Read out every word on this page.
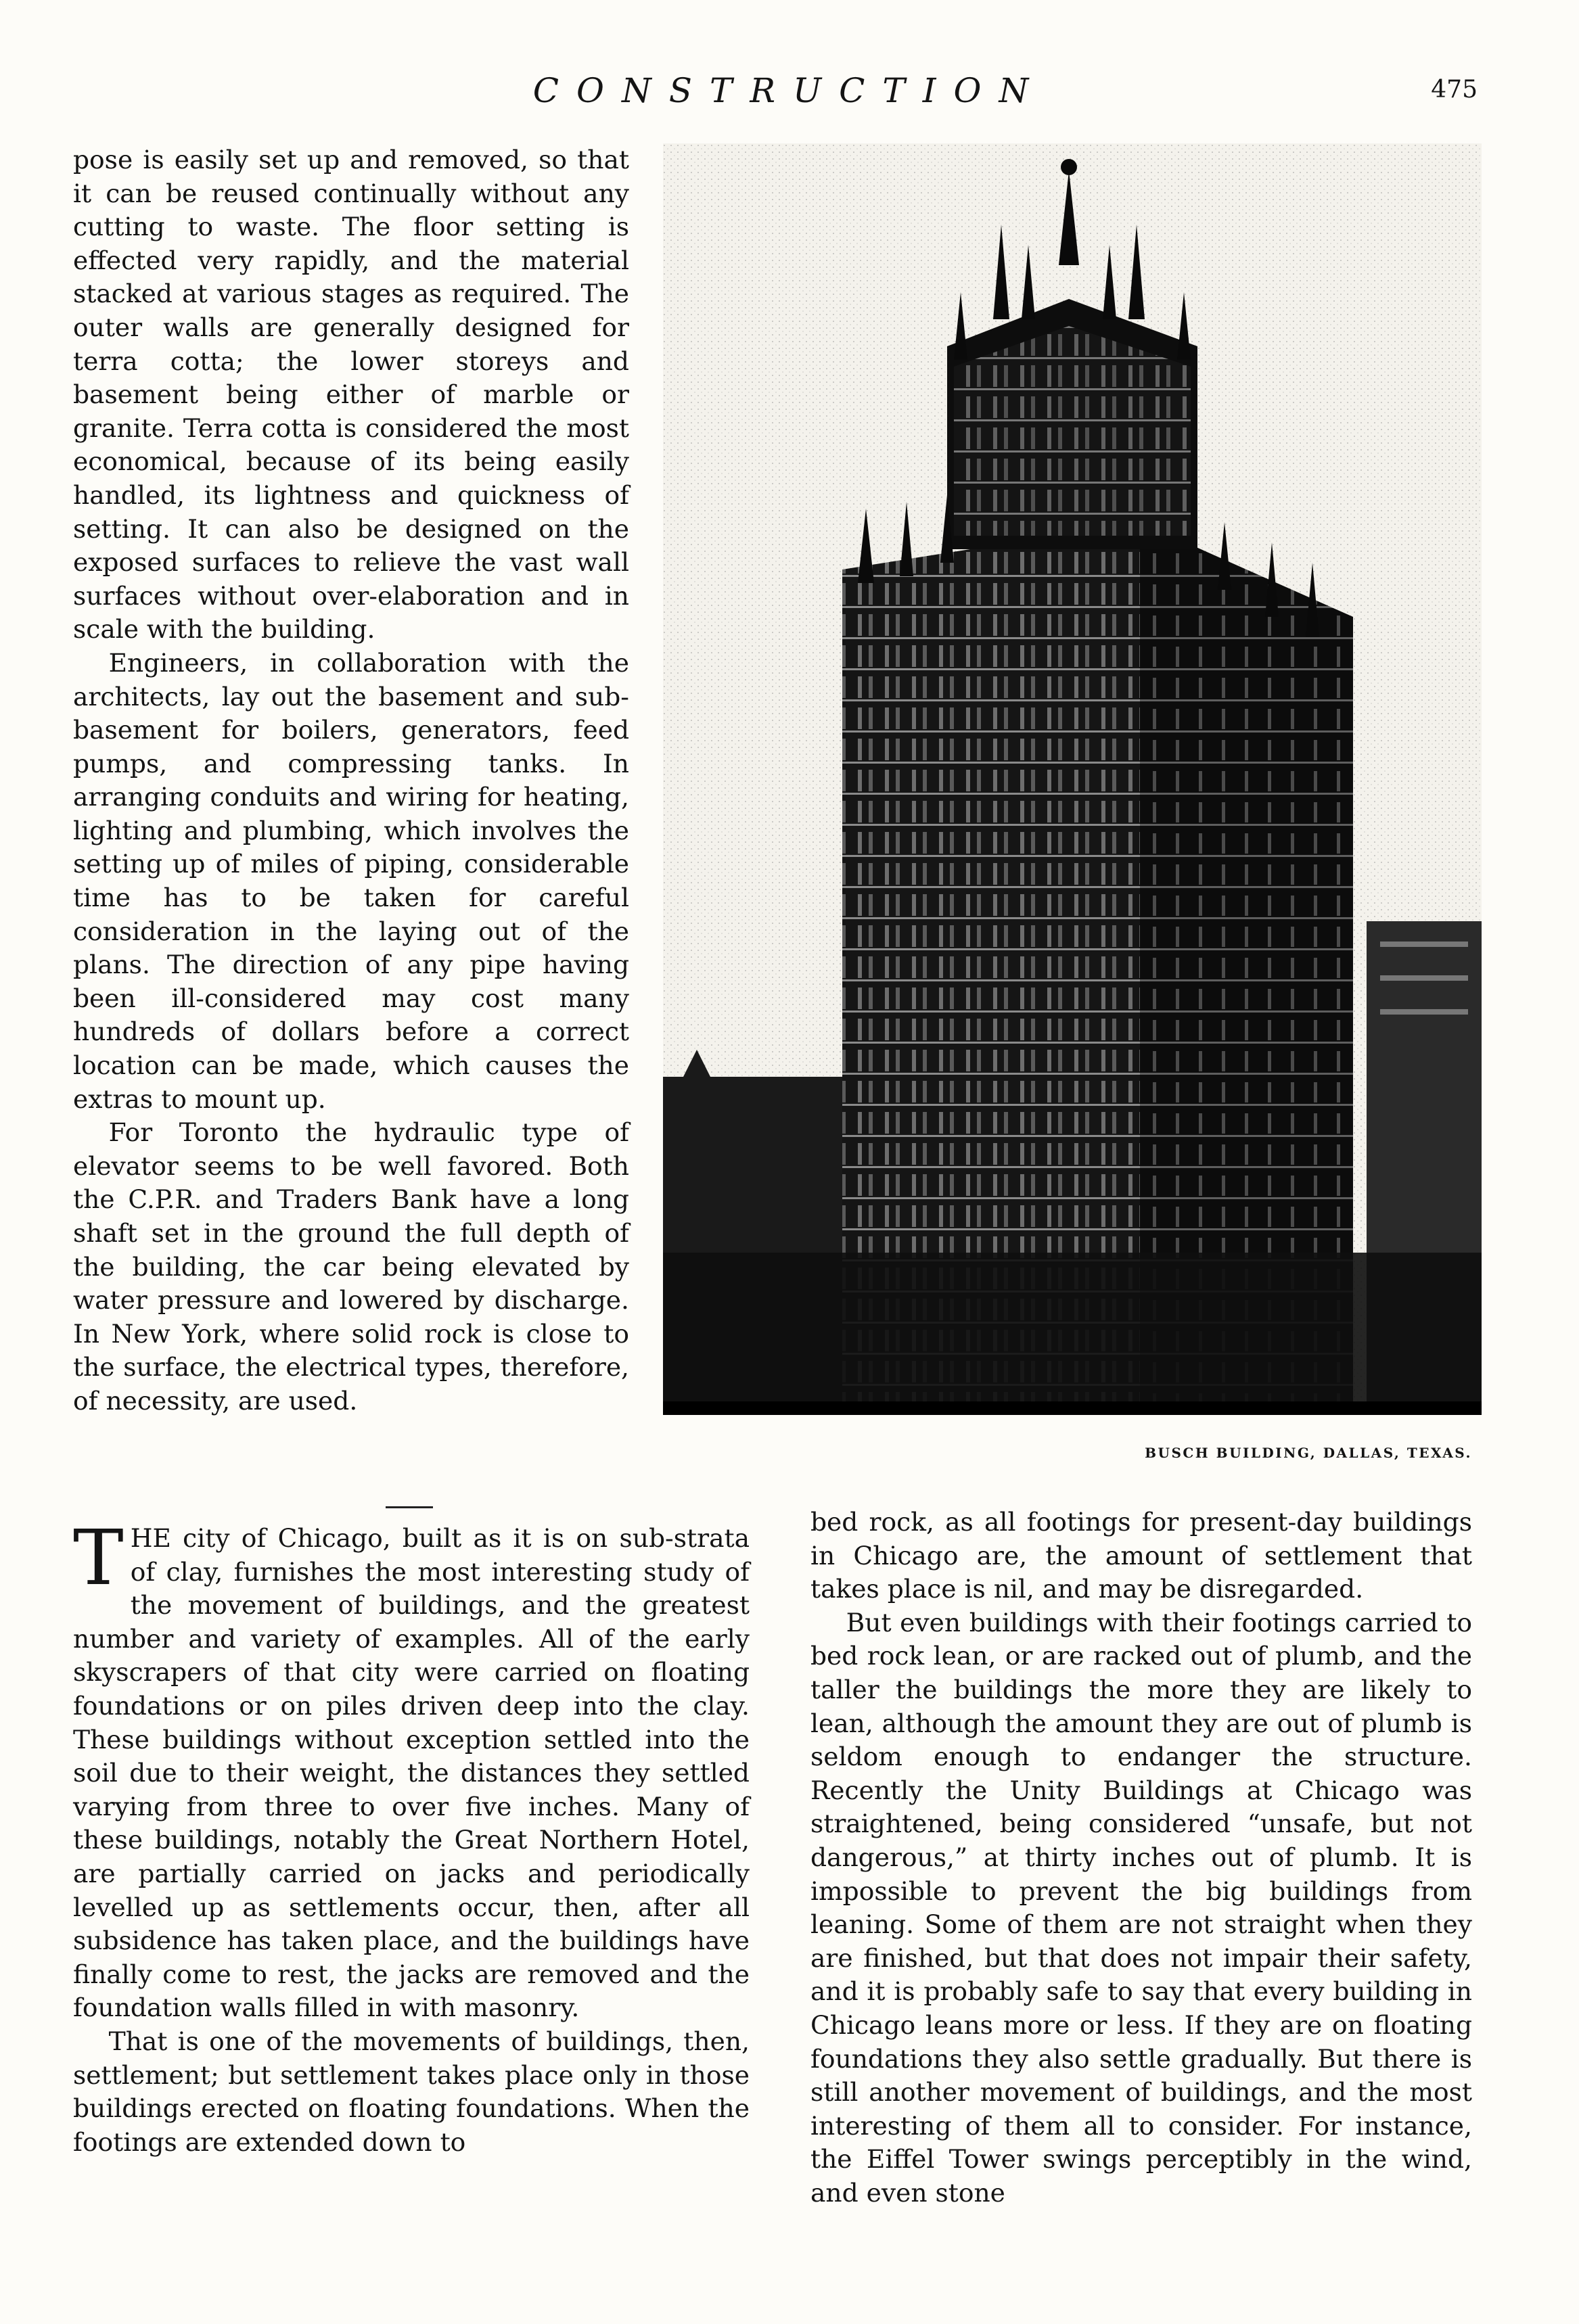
CONSTRUCTION	475

pose is easily set up and removed, so that it can be reused continually without any cutting to waste. The floor setting is effected very rapidly, and the material stacked at various stages as required. The outer walls are generally designed for terra cotta; the lower storeys and basement being either of marble or granite. Terra cotta is considered the most economical, because of its being easily handled, its lightness and quickness of setting. It can also be designed on the exposed surfaces to relieve the vast wall surfaces without over-elaboration and in scale with the building.

Engineers, in collaboration with the architects, lay out the basement and sub-basement for boilers, generators, feed pumps, and compressing tanks. In arranging conduits and wiring for heating, lighting and plumbing, which involves the setting up of miles of piping, considerable time has to be taken for careful consideration in the laying out of the plans. The direction of any pipe having been ill-considered may cost many hundreds of dollars before a correct location can be made, which causes the extras to mount up.

For Toronto the hydraulic type of elevator seems to be well favored. Both the C.P.R. and Traders Bank have a long shaft set in the ground the full depth of the building, the car being elevated by water pressure and lowered by discharge. In New York, where solid rock is close to the surface, the electrical types, therefore, of necessity, are used.

BUSCH BUILDING, DALLAS, TEXAS.

THE city of Chicago, built as it is on sub-strata of clay, furnishes the most interesting study of the movement of buildings, and the greatest number and variety of examples. All of the early skyscrapers of that city were carried on floating foundations or on piles driven deep into the clay. These buildings without exception settled into the soil due to their weight, the distances they settled varying from three to over five inches. Many of these buildings, notably the Great Northern Hotel, are partially carried on jacks and periodically levelled up as settlements occur, then, after all subsidence has taken place, and the buildings have finally come to rest, the jacks are removed and the foundation walls filled in with masonry.

That is one of the movements of buildings, then, settlement; but settlement takes place only in those buildings erected on floating foundations. When the footings are extended down to

bed rock, as all footings for present-day buildings in Chicago are, the amount of settlement that takes place is nil, and may be disregarded.

But even buildings with their footings carried to bed rock lean, or are racked out of plumb, and the taller the buildings the more they are likely to lean, although the amount they are out of plumb is seldom enough to endanger the structure. Recently the Unity Buildings at Chicago was straightened, being considered “unsafe, but not dangerous,” at thirty inches out of plumb. It is impossible to prevent the big buildings from leaning. Some of them are not straight when they are finished, but that does not impair their safety, and it is probably safe to say that every building in Chicago leans more or less. If they are on floating foundations they also settle gradually. But there is still another movement of buildings, and the most interesting of them all to consider. For instance, the Eiffel Tower swings perceptibly in the wind, and even stone
